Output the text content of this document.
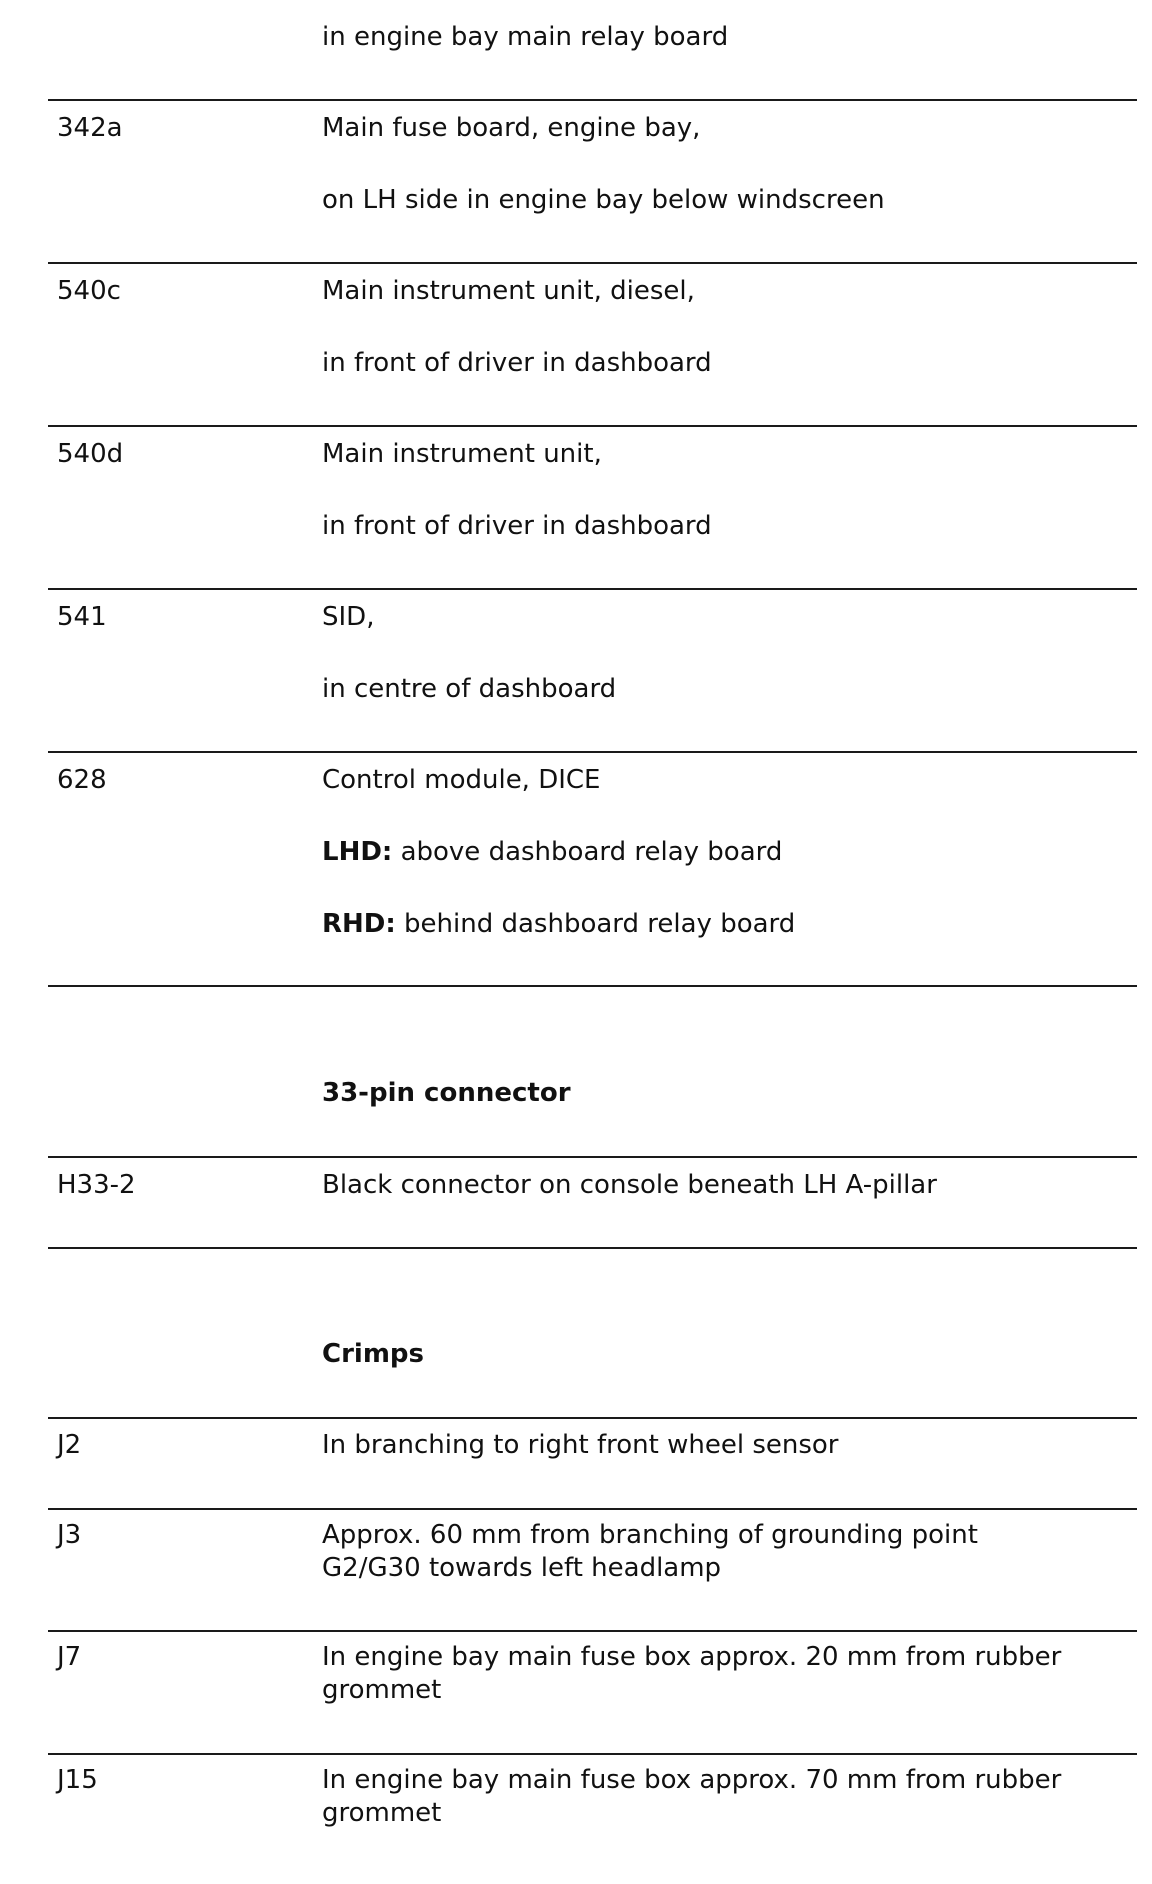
in engine bay main relay board
342a	Main fuse board, engine bay,
on LH side in engine bay below windscreen
540c	Main instrument unit, diesel,
in front of driver in dashboard
540d	Main instrument unit,
in front of driver in dashboard
541	SID,
in centre of dashboard
628	Control module, DICE
LHD: above dashboard relay board
RHD: behind dashboard relay board
33-pin connector
H33-2	Black connector on console beneath LH A-pillar
Crimps
J2	In branching to right front wheel sensor
J3	Approx. 60 mm from branching of grounding point
G2/G30 towards left headlamp
J7	In engine bay main fuse box approx. 20 mm from rubber
grommet
J15	In engine bay main fuse box approx. 70 mm from rubber
grommet
